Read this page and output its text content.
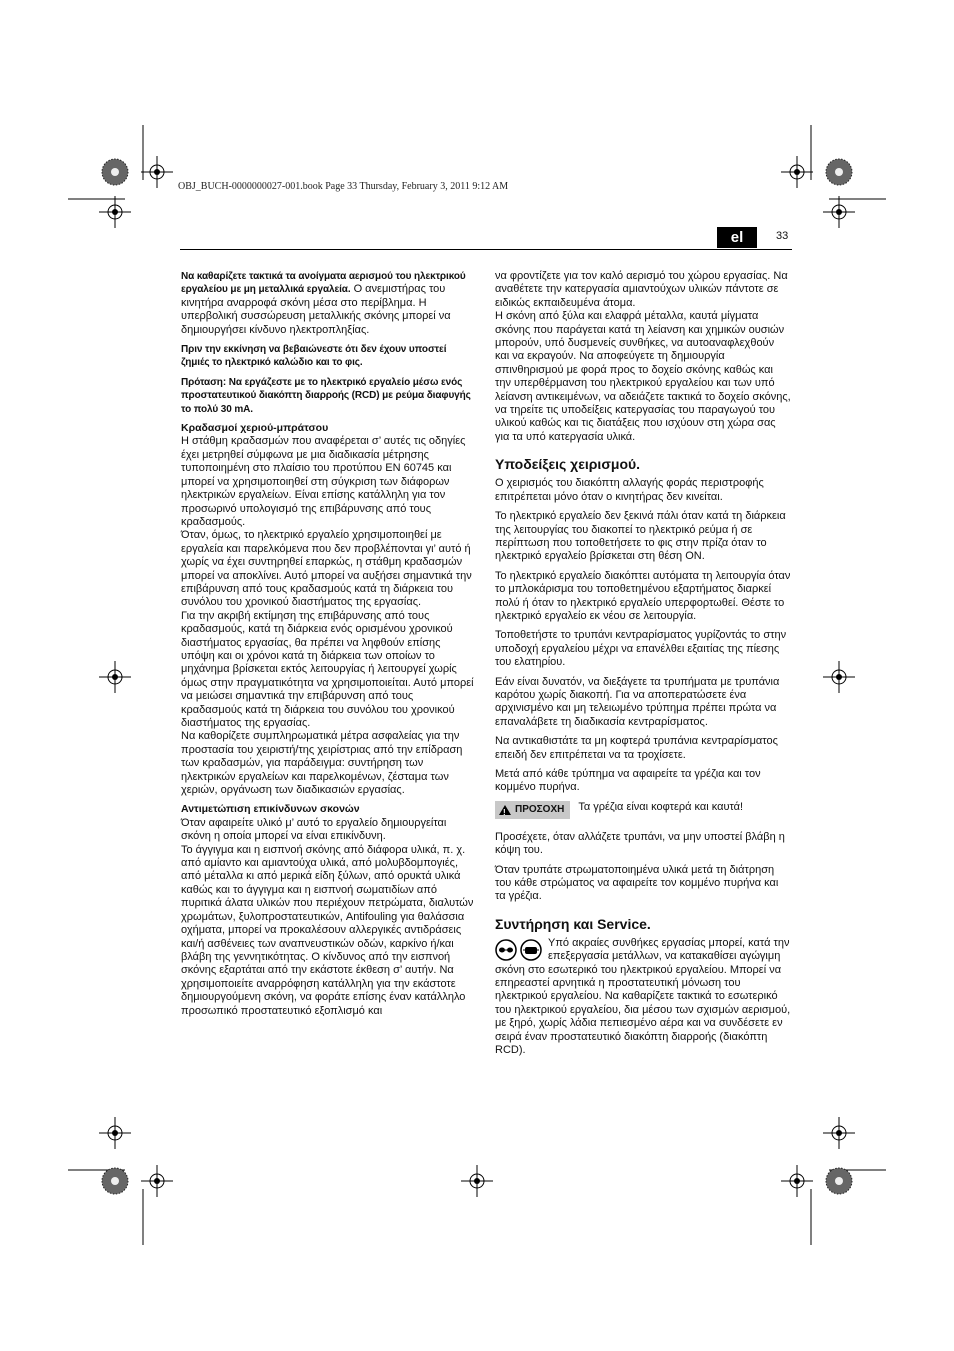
OBJ_BUCH-0000000027-001.book Page 33 Thursday, February 3, 2011 9:12 AM
el	33

Να καθαρίζετε τακτικά τα ανοίγματα αερισμού του ηλεκτρικού εργαλείου με μη μεταλλικά εργαλεία. Ο ανεμιστήρας του κινητήρα αναρροφά σκόνη μέσα στο περίβλημα. Η υπερβολική συσσώρευση μεταλλικής σκόνης μπορεί να δημιουργήσει κίνδυνο ηλεκτροπληξίας.

Πριν την εκκίνηση να βεβαιώνεστε ότι δεν έχουν υποστεί ζημιές το ηλεκτρικό καλώδιο και το φις.

Πρόταση: Να εργάζεστε με το ηλεκτρικό εργαλείο μέσω ενός προστατευτικού διακόπτη διαρροής (RCD) με ρεύμα διαφυγής το πολύ 30 mA.

Κραδασμοί χεριού-μπράτσου

Η στάθμη κραδασμών που αναφέρεται σ’ αυτές τις οδηγίες έχει μετρηθεί σύμφωνα με μια διαδικασία μέτρησης τυποποιημένη στο πλαίσιο του προτύπου EN 60745 και μπορεί να χρησιμοποιηθεί στη σύγκριση των διάφορων ηλεκτρικών εργαλείων. Είναι επίσης κατάλληλη για τον προσωρινό υπολογισμό της επιβάρυνσης από τους κραδασμούς.

Όταν, όμως, το ηλεκτρικό εργαλείο χρησιμοποιηθεί με εργαλεία και παρελκόμενα που δεν προβλέπονται γι’ αυτό ή χωρίς να έχει συντηρηθεί επαρκώς, η στάθμη κραδασμών μπορεί να αποκλίνει. Αυτό μπορεί να αυξήσει σημαντικά την επιβάρυνση από τους κραδασμούς κατά τη διάρκεια του συνόλου του χρονικού διαστήματος της εργασίας.

Για την ακριβή εκτίμηση της επιβάρυνσης από τους κραδασμούς, κατά τη διάρκεια ενός ορισμένου χρονικού διαστήματος εργασίας, θα πρέπει να ληφθούν επίσης υπόψη και οι χρόνοι κατά τη διάρκεια των οποίων το μηχάνημα βρίσκεται εκτός λειτουργίας ή λειτουργεί χωρίς όμως στην πραγματικότητα να χρησιμοποιείται. Αυτό μπορεί να μειώσει σημαντικά την επιβάρυνση από τους κραδασμούς κατά τη διάρκεια του συνόλου του χρονικού διαστήματος της εργασίας.

Να καθορίζετε συμπληρωματικά μέτρα ασφαλείας για την προστασία του χειριστή/της χειρίστριας από την επίδραση των κραδασμών, για παράδειγμα: συντήρηση των ηλεκτρικών εργαλείων και παρελκομένων, ζέσταμα των χεριών, οργάνωση των διαδικασιών εργασίας.

Αντιμετώπιση επικίνδυνων σκονών

Όταν αφαιρείτε υλικό μ’ αυτό το εργαλείο δημιουργείται σκόνη η οποία μπορεί να είναι επικίνδυνη.

Το άγγιγμα και η εισπνοή σκόνης από διάφορα υλικά, π. χ. από αμίαντο και αμιαντούχα υλικά, από μολυβδομπογιές, από μέταλλα κι από μερικά είδη ξύλων, από ορυκτά υλικά καθώς και το άγγιγμα και η εισπνοή σωματιδίων από πυριτικά άλατα υλικών που περιέχουν πετρώματα, διαλυτών χρωμάτων, ξυλοπροστατευτικών, Antifouling για θαλάσσια οχήματα, μπορεί να προκαλέσουν αλλεργικές αντιδράσεις και/ή ασθένειες των αναπνευστικών οδών, καρκίνο ή/και βλάβη της γεννητικότητας. Ο κίνδυνος από την εισπνοή σκόνης εξαρτάται από την εκάστοτε έκθεση σ’ αυτήν. Να χρησιμοποιείτε αναρρόφηση κατάλληλη για την εκάστοτε δημιουργούμενη σκόνη, να φοράτε επίσης έναν κατάλληλο προσωπικό προστατευτικό εξοπλισμό και

να φροντίζετε για τον καλό αερισμό του χώρου εργασίας. Να αναθέτετε την κατεργασία αμιαντούχων υλικών πάντοτε σε ειδικώς εκπαιδευμένα άτομα.

Η σκόνη από ξύλα και ελαφρά μέταλλα, καυτά μίγματα σκόνης που παράγεται κατά τη λείανση και χημικών ουσιών μπορούν, υπό δυσμενείς συνθήκες, να αυτοαναφλεχθούν και να εκραγούν. Να αποφεύγετε τη δημιουργία σπινθηρισμού με φορά προς το δοχείο σκόνης καθώς και την υπερθέρμανση του ηλεκτρικού εργαλείου και των υπό λείανση αντικειμένων, να αδειάζετε τακτικά το δοχείο σκόνης, να τηρείτε τις υποδείξεις κατεργασίας του παραγωγού του υλικού καθώς και τις διατάξεις που ισχύουν στη χώρα σας για τα υπό κατεργασία υλικά.

Υποδείξεις χειρισμού.

Ο χειρισμός του διακόπτη αλλαγής φοράς περιστροφής επιτρέπεται μόνο όταν ο κινητήρας δεν κινείται.

Το ηλεκτρικό εργαλείο δεν ξεκινά πάλι όταν κατά τη διάρκεια της λειτουργίας του διακοπεί το ηλεκτρικό ρεύμα ή σε περίπτωση που τοποθετήσετε το φις στην πρίζα όταν το ηλεκτρικό εργαλείο βρίσκεται στη θέση ON.

Το ηλεκτρικό εργαλείο διακόπτει αυτόματα τη λειτουργία όταν το μπλοκάρισμα του τοποθετημένου εξαρτήματος διαρκεί πολύ ή όταν το ηλεκτρικό εργαλείο υπερφορτωθεί. Θέστε το ηλεκτρικό εργαλείο εκ νέου σε λειτουργία.

Τοποθετήστε το τρυπάνι κεντραρίσματος γυρίζοντάς το στην υποδοχή εργαλείου μέχρι να επανέλθει εξαιτίας της πίεσης του ελατηρίου.

Εάν είναι δυνατόν, να διεξάγετε τα τρυπήματα με τρυπάνια καρότου χωρίς διακοπή. Για να αποπερατώσετε ένα αρχινισμένο και μη τελειωμένο τρύπημα πρέπει πρώτα να επαναλάβετε τη διαδικασία κεντραρίσματος.

Να αντικαθιστάτε τα μη κοφτερά τρυπάνια κεντραρίσματος επειδή δεν επιτρέπεται να τα τροχίσετε.

Μετά από κάθε τρύπημα να αφαιρείτε τα γρέζια και τον κομμένο πυρήνα.

!
ΠΡΟΣΟΧΗ Τα γρέζια είναι κοφτερά και καυτά!

Προσέχετε, όταν αλλάζετε τρυπάνι, να μην υποστεί βλάβη η κόψη του.

Όταν τρυπάτε στρωματοποιημένα υλικά μετά τη διάτρηση του κάθε στρώματος να αφαιρείτε τον κομμένο πυρήνα και τα γρέζια.

Συντήρηση και Service.

Υπό ακραίες συνθήκες εργασίας μπορεί, κατά την επεξεργασία μετάλλων, να κατακαθίσει αγώγιμη σκόνη στο εσωτερικό του ηλεκτρικού εργαλείου. Μπορεί να επηρεαστεί αρνητικά η προστατευτική μόνωση του ηλεκτρικού εργαλείου. Να καθαρίζετε τακτικά το εσωτερικό του ηλεκτρικού εργαλείου, δια μέσου των σχισμών αερισμού, με ξηρό, χωρίς λάδια πεπιεσμένο αέρα και να συνδέσετε εν σειρά έναν προστατευτικό διακόπτη διαρροής (διακόπτη RCD).
